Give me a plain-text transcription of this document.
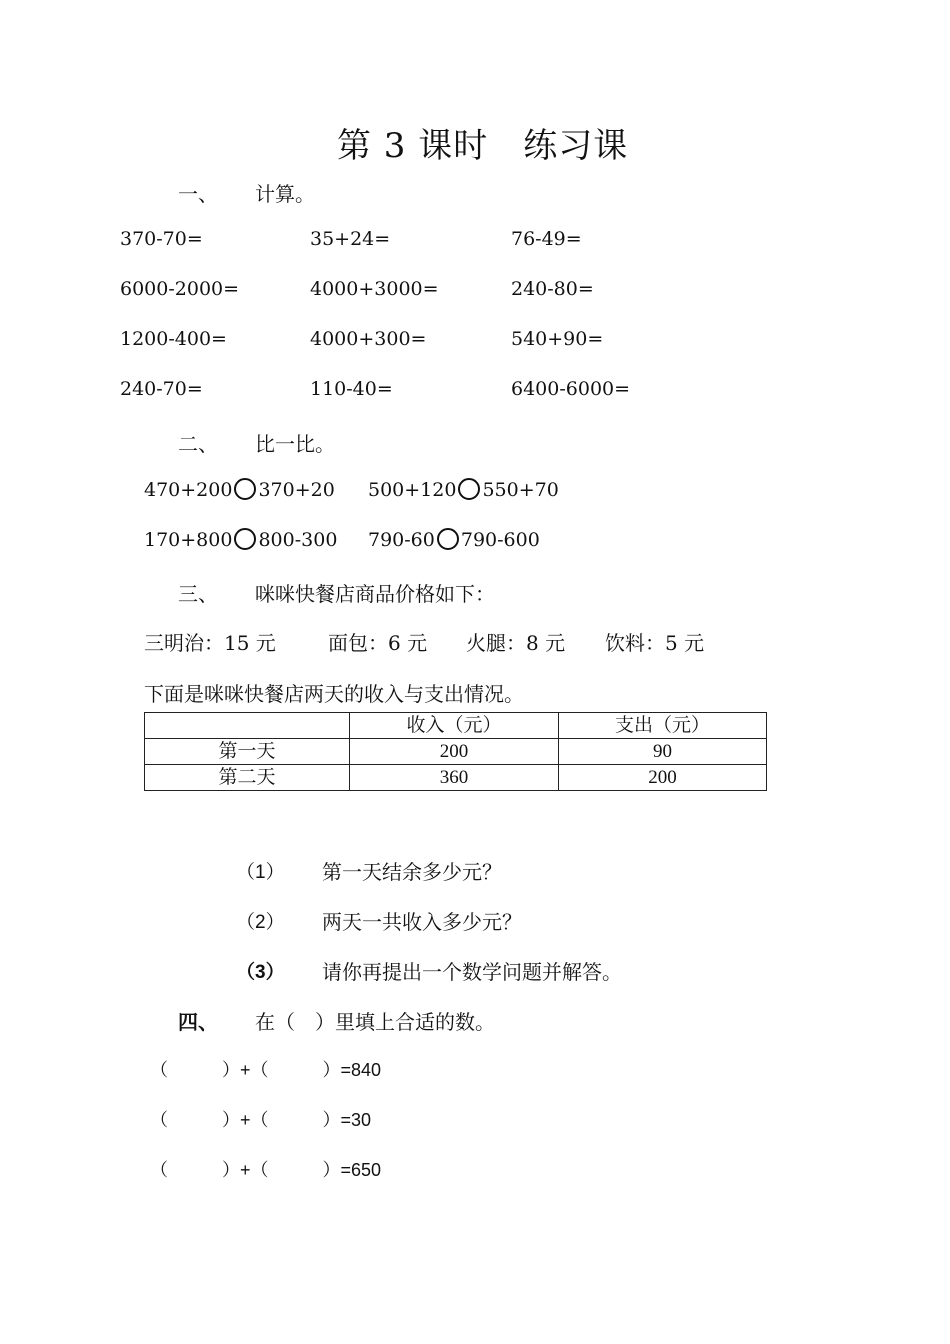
第 3 课时　练习课
一、 计算。
370-70=	35+24=	76-49=
6000-2000=	4000+3000=	240-80=
1200-400=	4000+300=	540+90=
240-70=	110-40=	6400-6000=
二、 比一比。
470+200 370+20 500+120 550+70
170+800 800-300 790-60 790-600
三、 咪咪快餐店商品价格如下：
三明治：15 元	面包：6 元 火腿：8 元 饮料：5 元
下面是咪咪快餐店两天的收入与支出情况。
	收入（元）	支出（元）
第一天	200	90
第二天	360	200
（1） 第一天结余多少元？
（2） 两天一共收入多少元？
（3） 请你再提出一个数学问题并解答。
四、 在（　）里填上合适的数。
（　　　）+（　　　）=840
（　　　）+（　　　）=30
（　　　）+（　　　）=650
